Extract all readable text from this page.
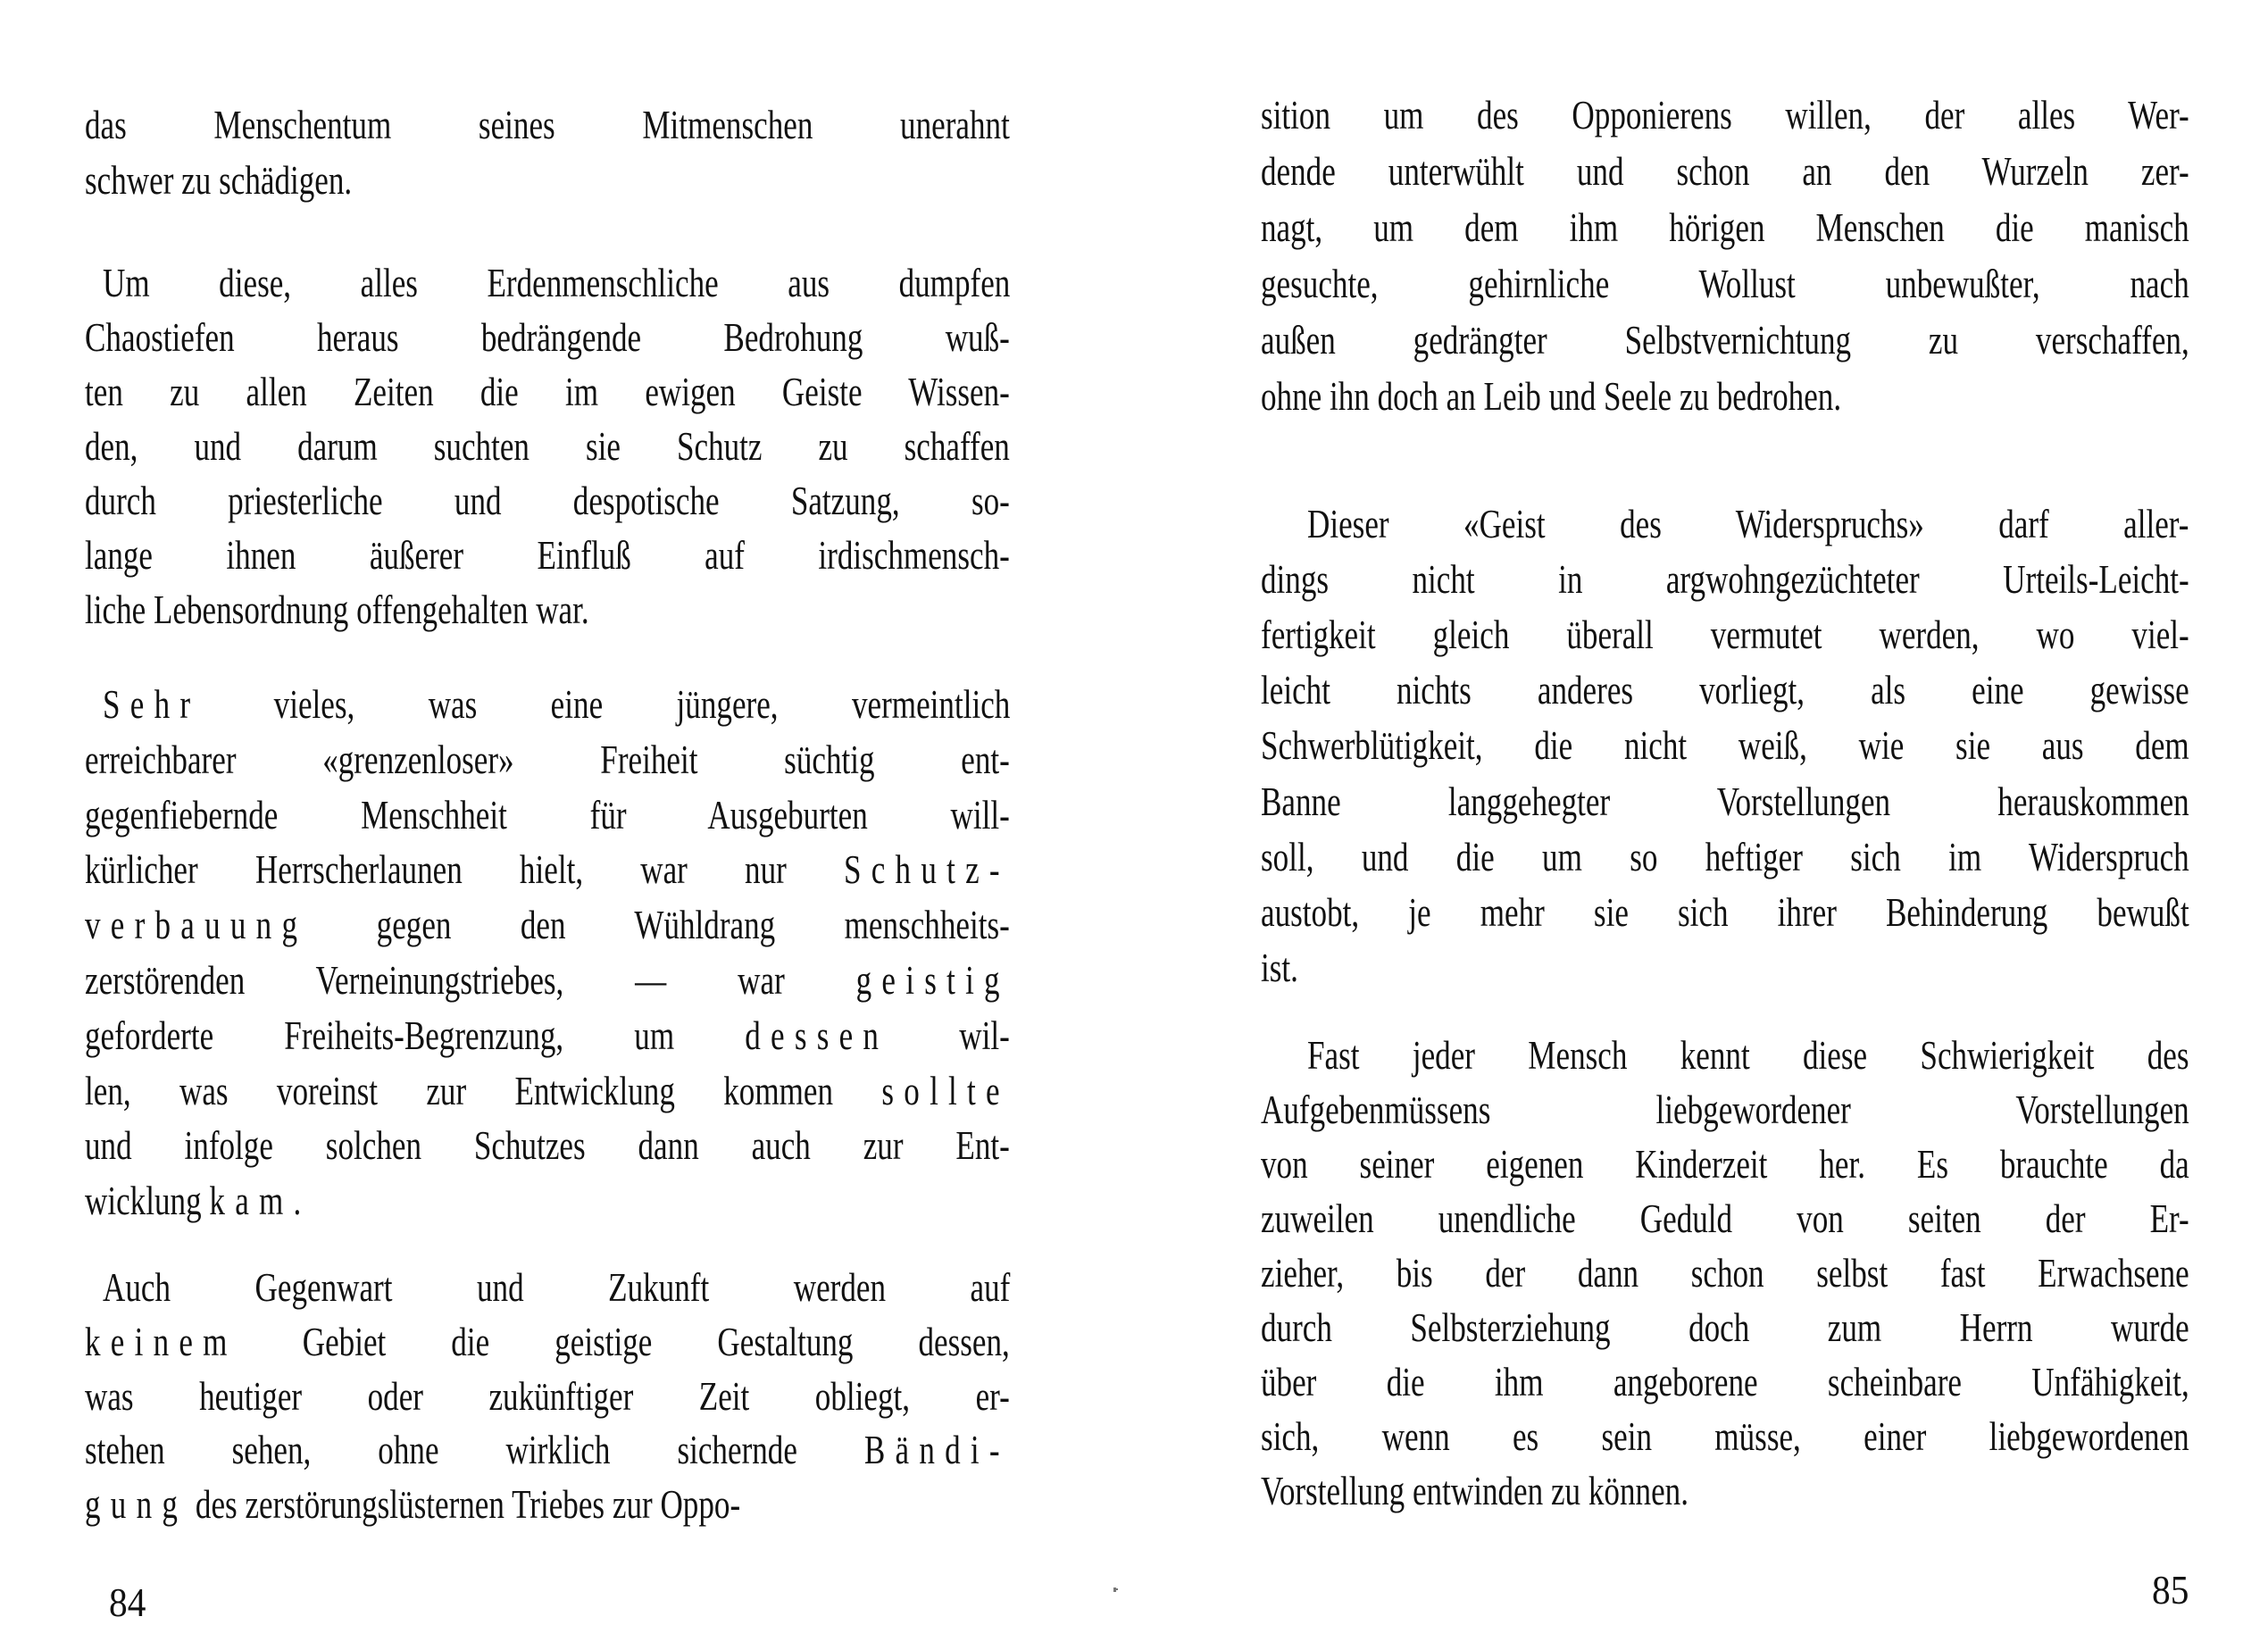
das Menschentum seines Mitmenschen unerahnt
schwer zu schädigen.
Um diese, alles Erdenmenschliche aus dumpfen
Chaostiefen heraus bedrängende Bedrohung wuß-
ten zu allen Zeiten die im ewigen Geiste Wissen-
den, und darum suchten sie Schutz zu schaffen
durch priesterliche und despotische Satzung, so-
lange ihnen äußerer Einfluß auf irdischmensch-
liche Lebensordnung offengehalten war.
Sehr vieles, was eine jüngere, vermeintlich
erreichbarer «grenzenloser» Freiheit süchtig ent-
gegenfiebernde Menschheit für Ausgeburten will-
kürlicher Herrscherlaunen hielt, war nur Schutz-
verbauung gegen den Wühldrang menschheits-
zerstörenden Verneinungstriebes, — war geistig
geforderte Freiheits-Begrenzung, um dessen wil-
len, was voreinst zur Entwicklung kommen sollte
und infolge solchen Schutzes dann auch zur Ent-
wicklung kam.
Auch Gegenwart und Zukunft werden auf
keinem Gebiet die geistige Gestaltung dessen,
was heutiger oder zukünftiger Zeit obliegt, er-
stehen sehen, ohne wirklich sichernde Bändi-
gung des zerstörungslüsternen Triebes zur Oppo-
84
sition um des Opponierens willen, der alles Wer-
dende unterwühlt und schon an den Wurzeln zer-
nagt, um dem ihm hörigen Menschen die manisch
gesuchte, gehirnliche Wollust unbewußter, nach
außen gedrängter Selbstvernichtung zu verschaffen,
ohne ihn doch an Leib und Seele zu bedrohen.
Dieser «Geist des Widerspruchs» darf aller-
dings nicht in argwohngezüchteter Urteils-Leicht-
fertigkeit gleich überall vermutet werden, wo viel-
leicht nichts anderes vorliegt, als eine gewisse
Schwerblütigkeit, die nicht weiß, wie sie aus dem
Banne langgehegter Vorstellungen herauskommen
soll, und die um so heftiger sich im Widerspruch
austobt, je mehr sie sich ihrer Behinderung bewußt
ist.
Fast jeder Mensch kennt diese Schwierigkeit des
Aufgebenmüssens liebgewordener Vorstellungen
von seiner eigenen Kinderzeit her. Es brauchte da
zuweilen unendliche Geduld von seiten der Er-
zieher, bis der dann schon selbst fast Erwachsene
durch Selbsterziehung doch zum Herrn wurde
über die ihm angeborene scheinbare Unfähigkeit,
sich, wenn es sein müsse, einer liebgewordenen
Vorstellung entwinden zu können.
85
